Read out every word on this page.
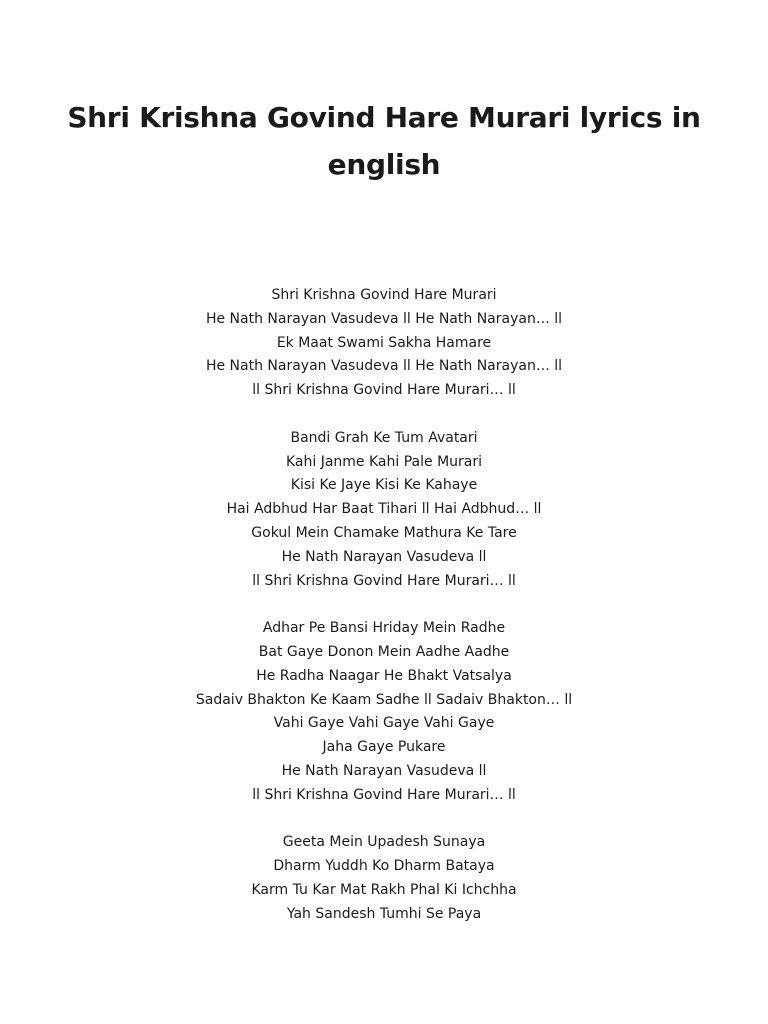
Shri Krishna Govind Hare Murari lyrics in english
Shri Krishna Govind Hare Murari
He Nath Narayan Vasudeva ll He Nath Narayan… ll
Ek Maat Swami Sakha Hamare
He Nath Narayan Vasudeva ll He Nath Narayan… ll
ll Shri Krishna Govind Hare Murari… ll
Bandi Grah Ke Tum Avatari
Kahi Janme Kahi Pale Murari
Kisi Ke Jaye Kisi Ke Kahaye
Hai Adbhud Har Baat Tihari ll Hai Adbhud… ll
Gokul Mein Chamake Mathura Ke Tare
He Nath Narayan Vasudeva ll
ll Shri Krishna Govind Hare Murari… ll
Adhar Pe Bansi Hriday Mein Radhe
Bat Gaye Donon Mein Aadhe Aadhe
He Radha Naagar He Bhakt Vatsalya
Sadaiv Bhakton Ke Kaam Sadhe ll Sadaiv Bhakton… ll
Vahi Gaye Vahi Gaye Vahi Gaye
Jaha Gaye Pukare
He Nath Narayan Vasudeva ll
ll Shri Krishna Govind Hare Murari… ll
Geeta Mein Upadesh Sunaya
Dharm Yuddh Ko Dharm Bataya
Karm Tu Kar Mat Rakh Phal Ki Ichchha
Yah Sandesh Tumhi Se Paya
